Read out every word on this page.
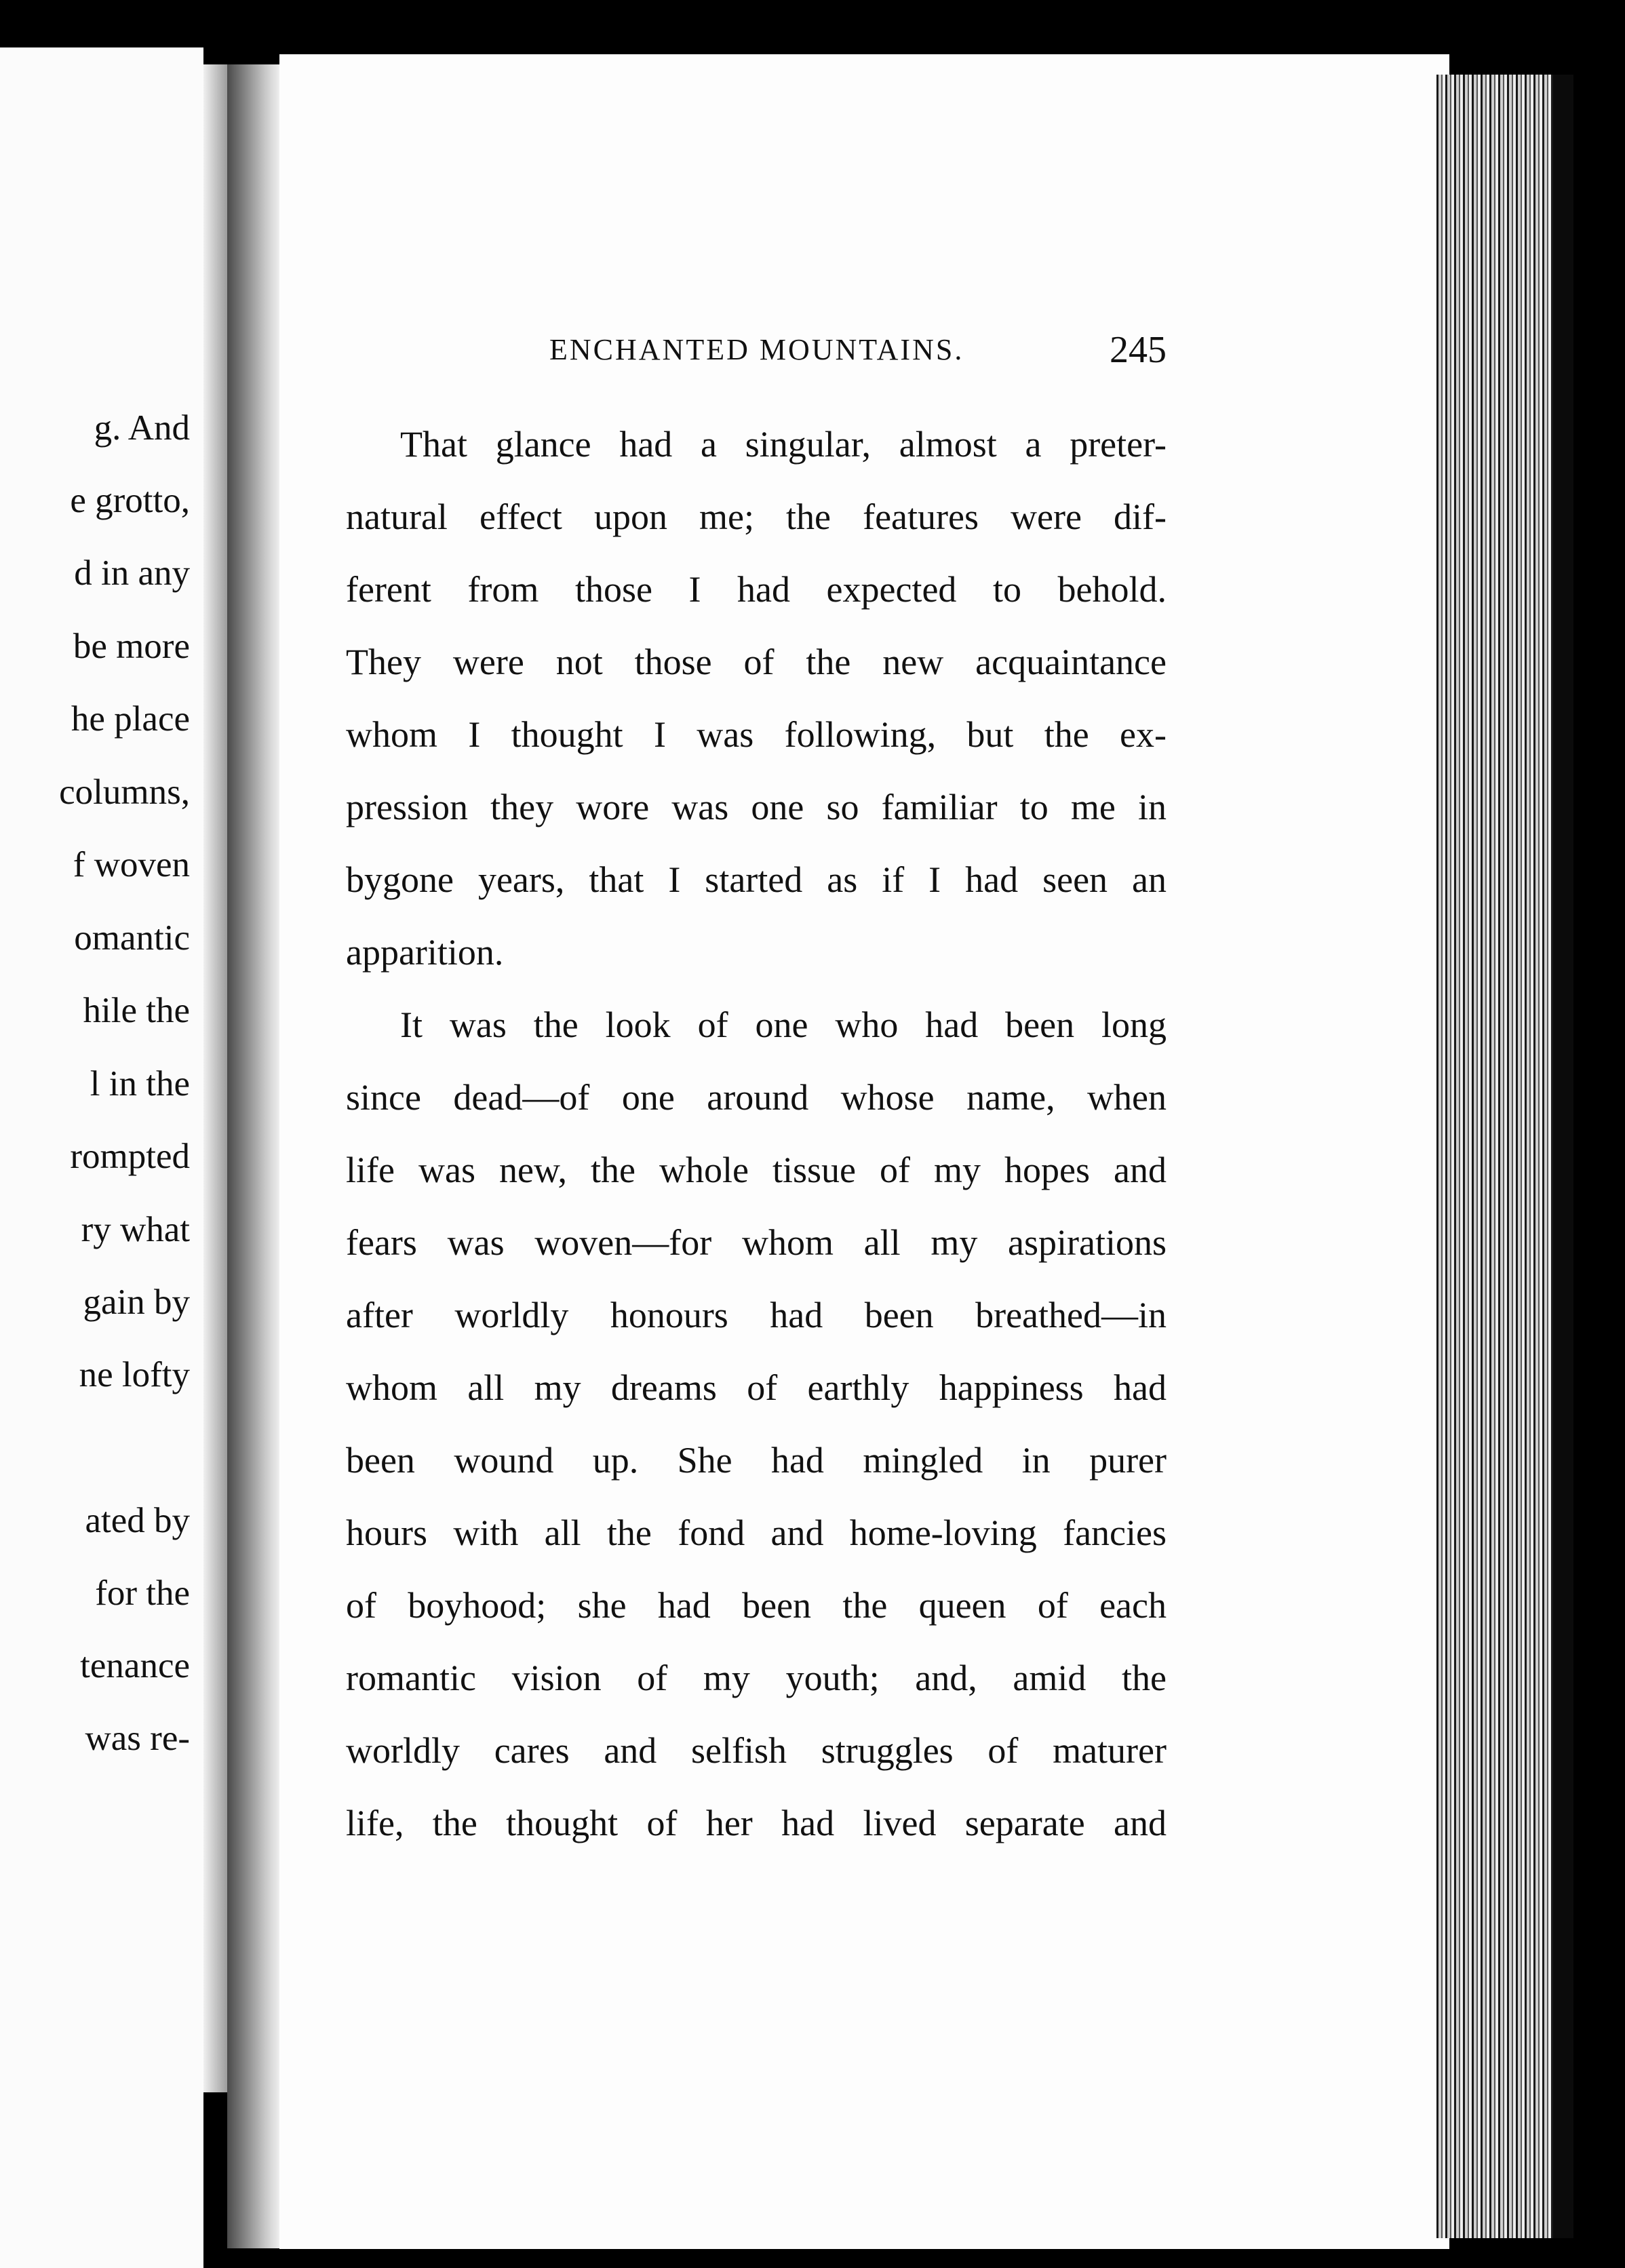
g. And
e grotto,
d in any
be more
he place
columns,
f woven
omantic
hile the
l in the
rompted
ry what
gain by
ne lofty
ated by
for the
tenance
was re-
ENCHANTED MOUNTAINS.	245
That glance had a singular, almost a preter-
natural effect upon me; the features were dif-
ferent from those I had expected to behold.
They were not those of the new acquaintance
whom I thought I was following, but the ex-
pression they wore was one so familiar to me in
bygone years, that I started as if I had seen an
apparition.
It was the look of one who had been long
since dead—of one around whose name, when
life was new, the whole tissue of my hopes and
fears was woven—for whom all my aspirations
after worldly honours had been breathed—in
whom all my dreams of earthly happiness had
been wound up. She had mingled in purer
hours with all the fond and home-loving fancies
of boyhood; she had been the queen of each
romantic vision of my youth; and, amid the
worldly cares and selfish struggles of maturer
life, the thought of her had lived separate and
